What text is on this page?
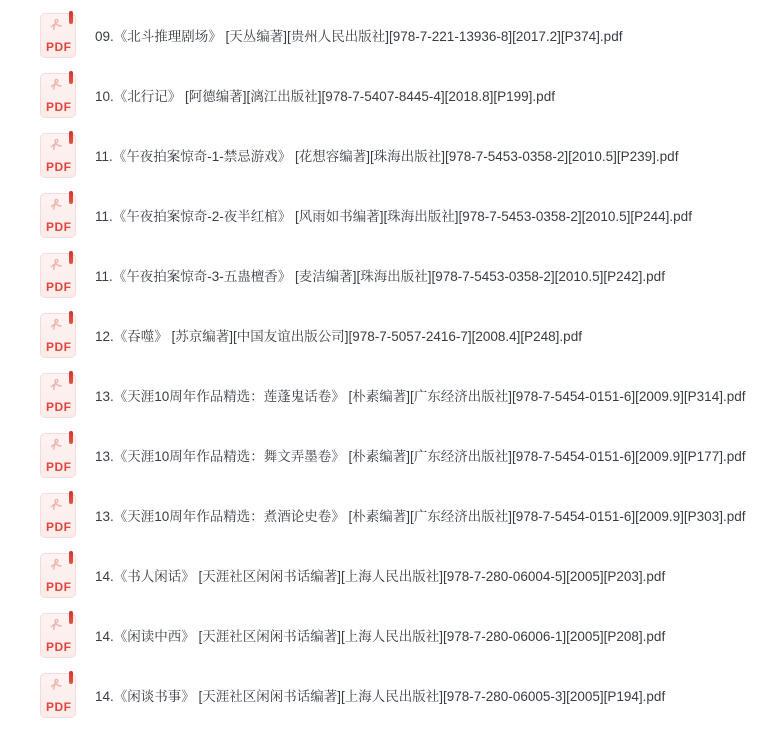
PDF
09.《北斗推理剧场》 [天丛编著][贵州人民出版社][978-7-221-13936-8][2017.2][P374].pdf
PDF
10.《北行记》 [阿德编著][漓江出版社][978-7-5407-8445-4][2018.8][P199].pdf
PDF
11.《午夜拍案惊奇-1-禁忌游戏》 [花想容编著][珠海出版社][978-7-5453-0358-2][2010.5][P239].pdf
PDF
11.《午夜拍案惊奇-2-夜半红棺》 [风雨如书编著][珠海出版社][978-7-5453-0358-2][2010.5][P244].pdf
PDF
11.《午夜拍案惊奇-3-五蛊檀香》 [麦洁编著][珠海出版社][978-7-5453-0358-2][2010.5][P242].pdf
PDF
12.《吞噬》 [苏京编著][中国友谊出版公司][978-7-5057-2416-7][2008.4][P248].pdf
PDF
13.《天涯10周年作品精选：莲蓬鬼话卷》 [朴素编著][广东经济出版社][978-7-5454-0151-6][2009.9][P314].pdf
PDF
13.《天涯10周年作品精选：舞文弄墨卷》 [朴素编著][广东经济出版社][978-7-5454-0151-6][2009.9][P177].pdf
PDF
13.《天涯10周年作品精选：煮酒论史卷》 [朴素编著][广东经济出版社][978-7-5454-0151-6][2009.9][P303].pdf
PDF
14.《书人闲话》 [天涯社区闲闲书话编著][上海人民出版社][978-7-280-06004-5][2005][P203].pdf
PDF
14.《闲读中西》 [天涯社区闲闲书话编著][上海人民出版社][978-7-280-06006-1][2005][P208].pdf
PDF
14.《闲谈书事》 [天涯社区闲闲书话编著][上海人民出版社][978-7-280-06005-3][2005][P194].pdf
